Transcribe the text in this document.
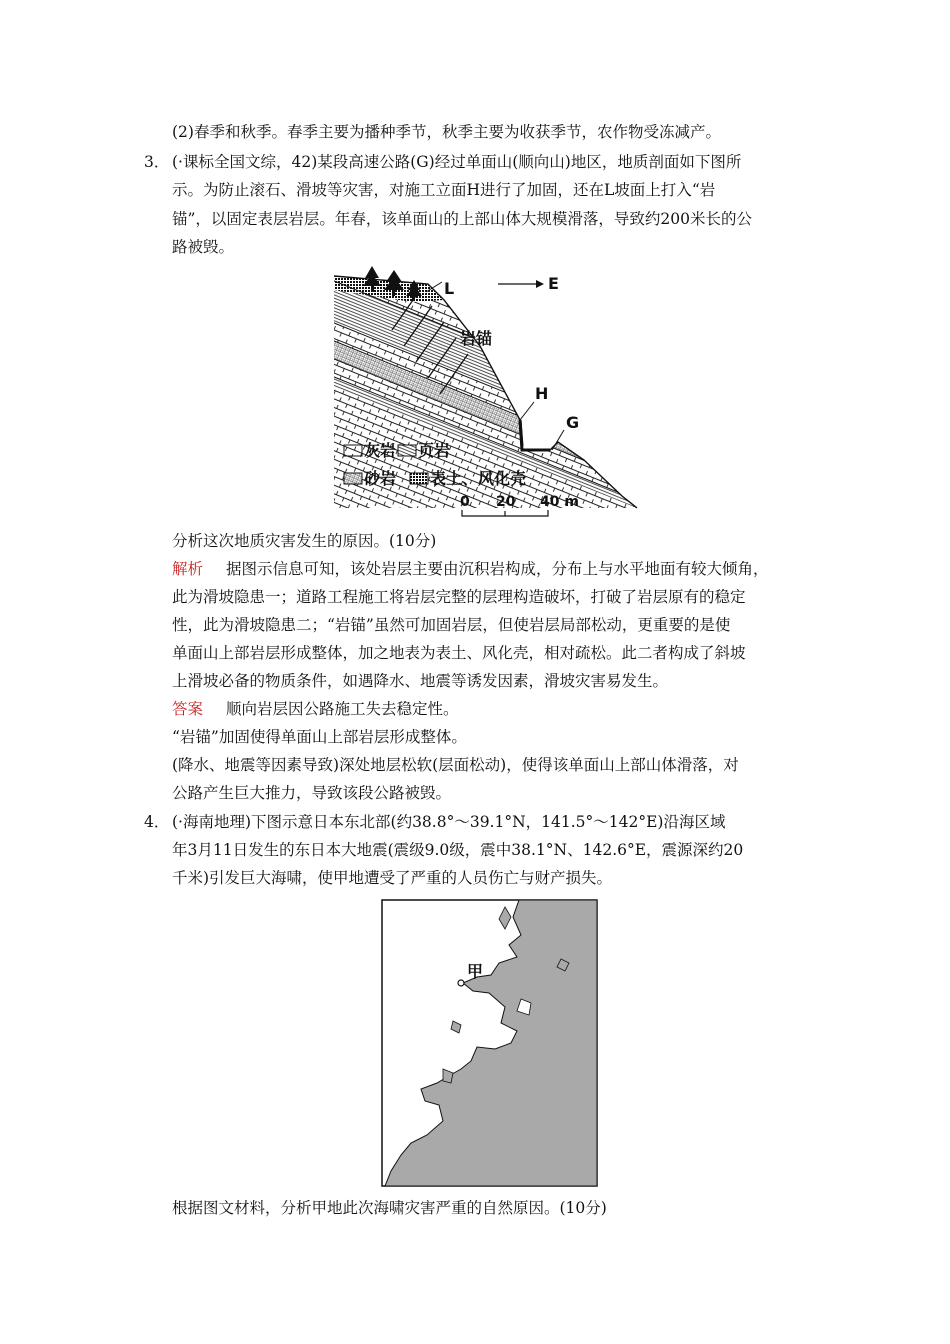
(2)春季和秋季。春季主要为播种季节，秋季主要为收获季节，农作物受冻减产。
3． (·课标全国文综，42)某段高速公路(G)经过单面山(顺向山)地区，地质剖面如下图所
示。为防止滚石、滑坡等灾害，对施工立面H进行了加固，还在L坡面上打入“岩
锚”，以固定表层岩层。年春，该单面山的上部山体大规模滑落，导致约200米长的公
路被毁。
L	E
岩锚
H
G
灰岩 页岩
砂岩 表土、风化壳
0 20 40 m
分析这次地质灾害发生的原因。(10分)
解析 据图示信息可知，该处岩层主要由沉积岩构成，分布上与水平地面有较大倾角，
此为滑坡隐患一；道路工程施工将岩层完整的层理构造破坏，打破了岩层原有的稳定
性，此为滑坡隐患二；“岩锚”虽然可加固岩层，但使岩层局部松动，更重要的是使
单面山上部岩层形成整体，加之地表为表土、风化壳，相对疏松。此二者构成了斜坡
上滑坡必备的物质条件，如遇降水、地震等诱发因素，滑坡灾害易发生。
答案 顺向岩层因公路施工失去稳定性。
“岩锚”加固使得单面山上部岩层形成整体。
(降水、地震等因素导致)深处地层松软(层面松动)，使得该单面山上部山体滑落，对
公路产生巨大推力，导致该段公路被毁。
4． (·海南地理)下图示意日本东北部(约38.8°～39.1°N，141.5°～142°E)沿海区域
年3月11日发生的东日本大地震(震级9.0级，震中38.1°N、142.6°E，震源深约20
千米)引发巨大海啸，使甲地遭受了严重的人员伤亡与财产损失。
甲
根据图文材料，分析甲地此次海啸灾害严重的自然原因。(10分)
